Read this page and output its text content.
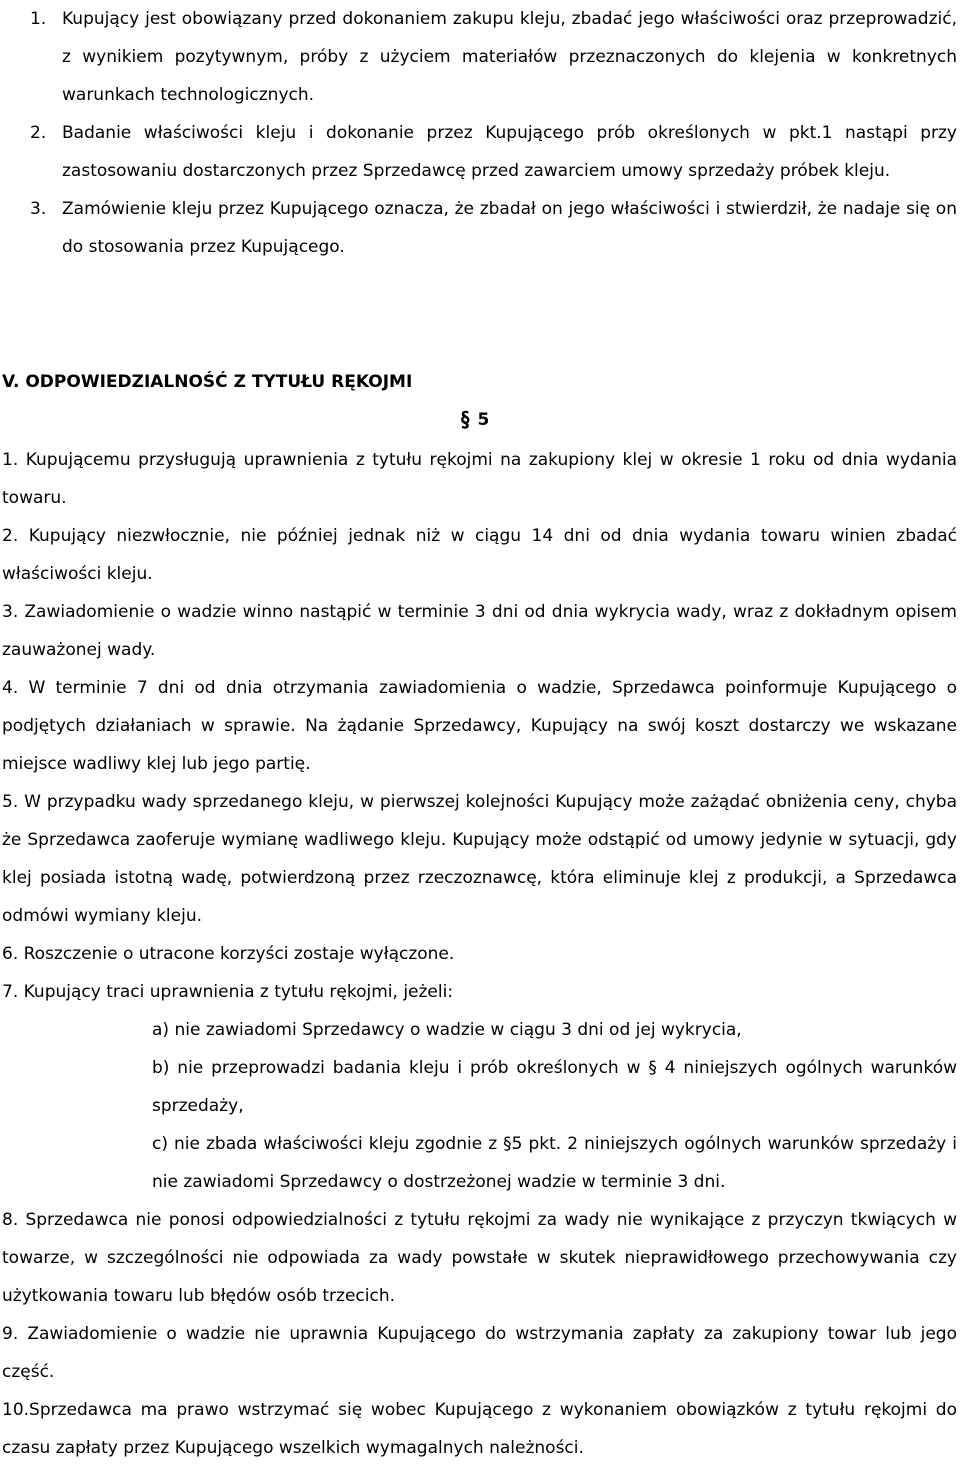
1. Kupujący jest obowiązany przed dokonaniem zakupu kleju, zbadać jego właściwości oraz przeprowadzić, z wynikiem pozytywnym, próby z użyciem materiałów przeznaczonych do klejenia w konkretnych warunkach technologicznych.

2. Badanie właściwości kleju i dokonanie przez Kupującego prób określonych w pkt.1 nastąpi przy zastosowaniu dostarczonych przez Sprzedawcę przed zawarciem umowy sprzedaży próbek kleju.

3. Zamówienie kleju przez Kupującego oznacza, że zbadał on jego właściwości i stwierdził, że nadaje się on do stosowania przez Kupującego.

V. ODPOWIEDZIALNOŚĆ Z TYTUŁU RĘKOJMI
§ 5

1. Kupującemu przysługują uprawnienia z tytułu rękojmi na zakupiony klej w okresie 1 roku od dnia wydania towaru.

2. Kupujący niezwłocznie, nie później jednak niż w ciągu 14 dni od dnia wydania towaru winien zbadać właściwości kleju.

3. Zawiadomienie o wadzie winno nastąpić w terminie 3 dni od dnia wykrycia wady, wraz z dokładnym opisem zauważonej wady.

4. W terminie 7 dni od dnia otrzymania zawiadomienia o wadzie, Sprzedawca poinformuje Kupującego o podjętych działaniach w sprawie. Na żądanie Sprzedawcy, Kupujący na swój koszt dostarczy we wskazane miejsce wadliwy klej lub jego partię.

5. W przypadku wady sprzedanego kleju, w pierwszej kolejności Kupujący może zażądać obniżenia ceny, chyba że Sprzedawca zaoferuje wymianę wadliwego kleju. Kupujący może odstąpić od umowy jedynie w sytuacji, gdy klej posiada istotną wadę, potwierdzoną przez rzeczoznawcę, która eliminuje klej z produkcji, a Sprzedawca odmówi wymiany kleju.

6. Roszczenie o utracone korzyści zostaje wyłączone.

7. Kupujący traci uprawnienia z tytułu rękojmi, jeżeli:

a) nie zawiadomi Sprzedawcy o wadzie w ciągu 3 dni od jej wykrycia,

b) nie przeprowadzi badania kleju i prób określonych w § 4 niniejszych ogólnych warunków sprzedaży,

c) nie zbada właściwości kleju zgodnie z §5 pkt. 2 niniejszych ogólnych warunków sprzedaży i nie zawiadomi Sprzedawcy o dostrzeżonej wadzie w terminie 3 dni.

8. Sprzedawca nie ponosi odpowiedzialności z tytułu rękojmi za wady nie wynikające z przyczyn tkwiących w towarze, w szczególności nie odpowiada za wady powstałe w skutek nieprawidłowego przechowywania czy użytkowania towaru lub błędów osób trzecich.

9. Zawiadomienie o wadzie nie uprawnia Kupującego do wstrzymania zapłaty za zakupiony towar lub jego część.

10.Sprzedawca ma prawo wstrzymać się wobec Kupującego z wykonaniem obowiązków z tytułu rękojmi do czasu zapłaty przez Kupującego wszelkich wymagalnych należności.
